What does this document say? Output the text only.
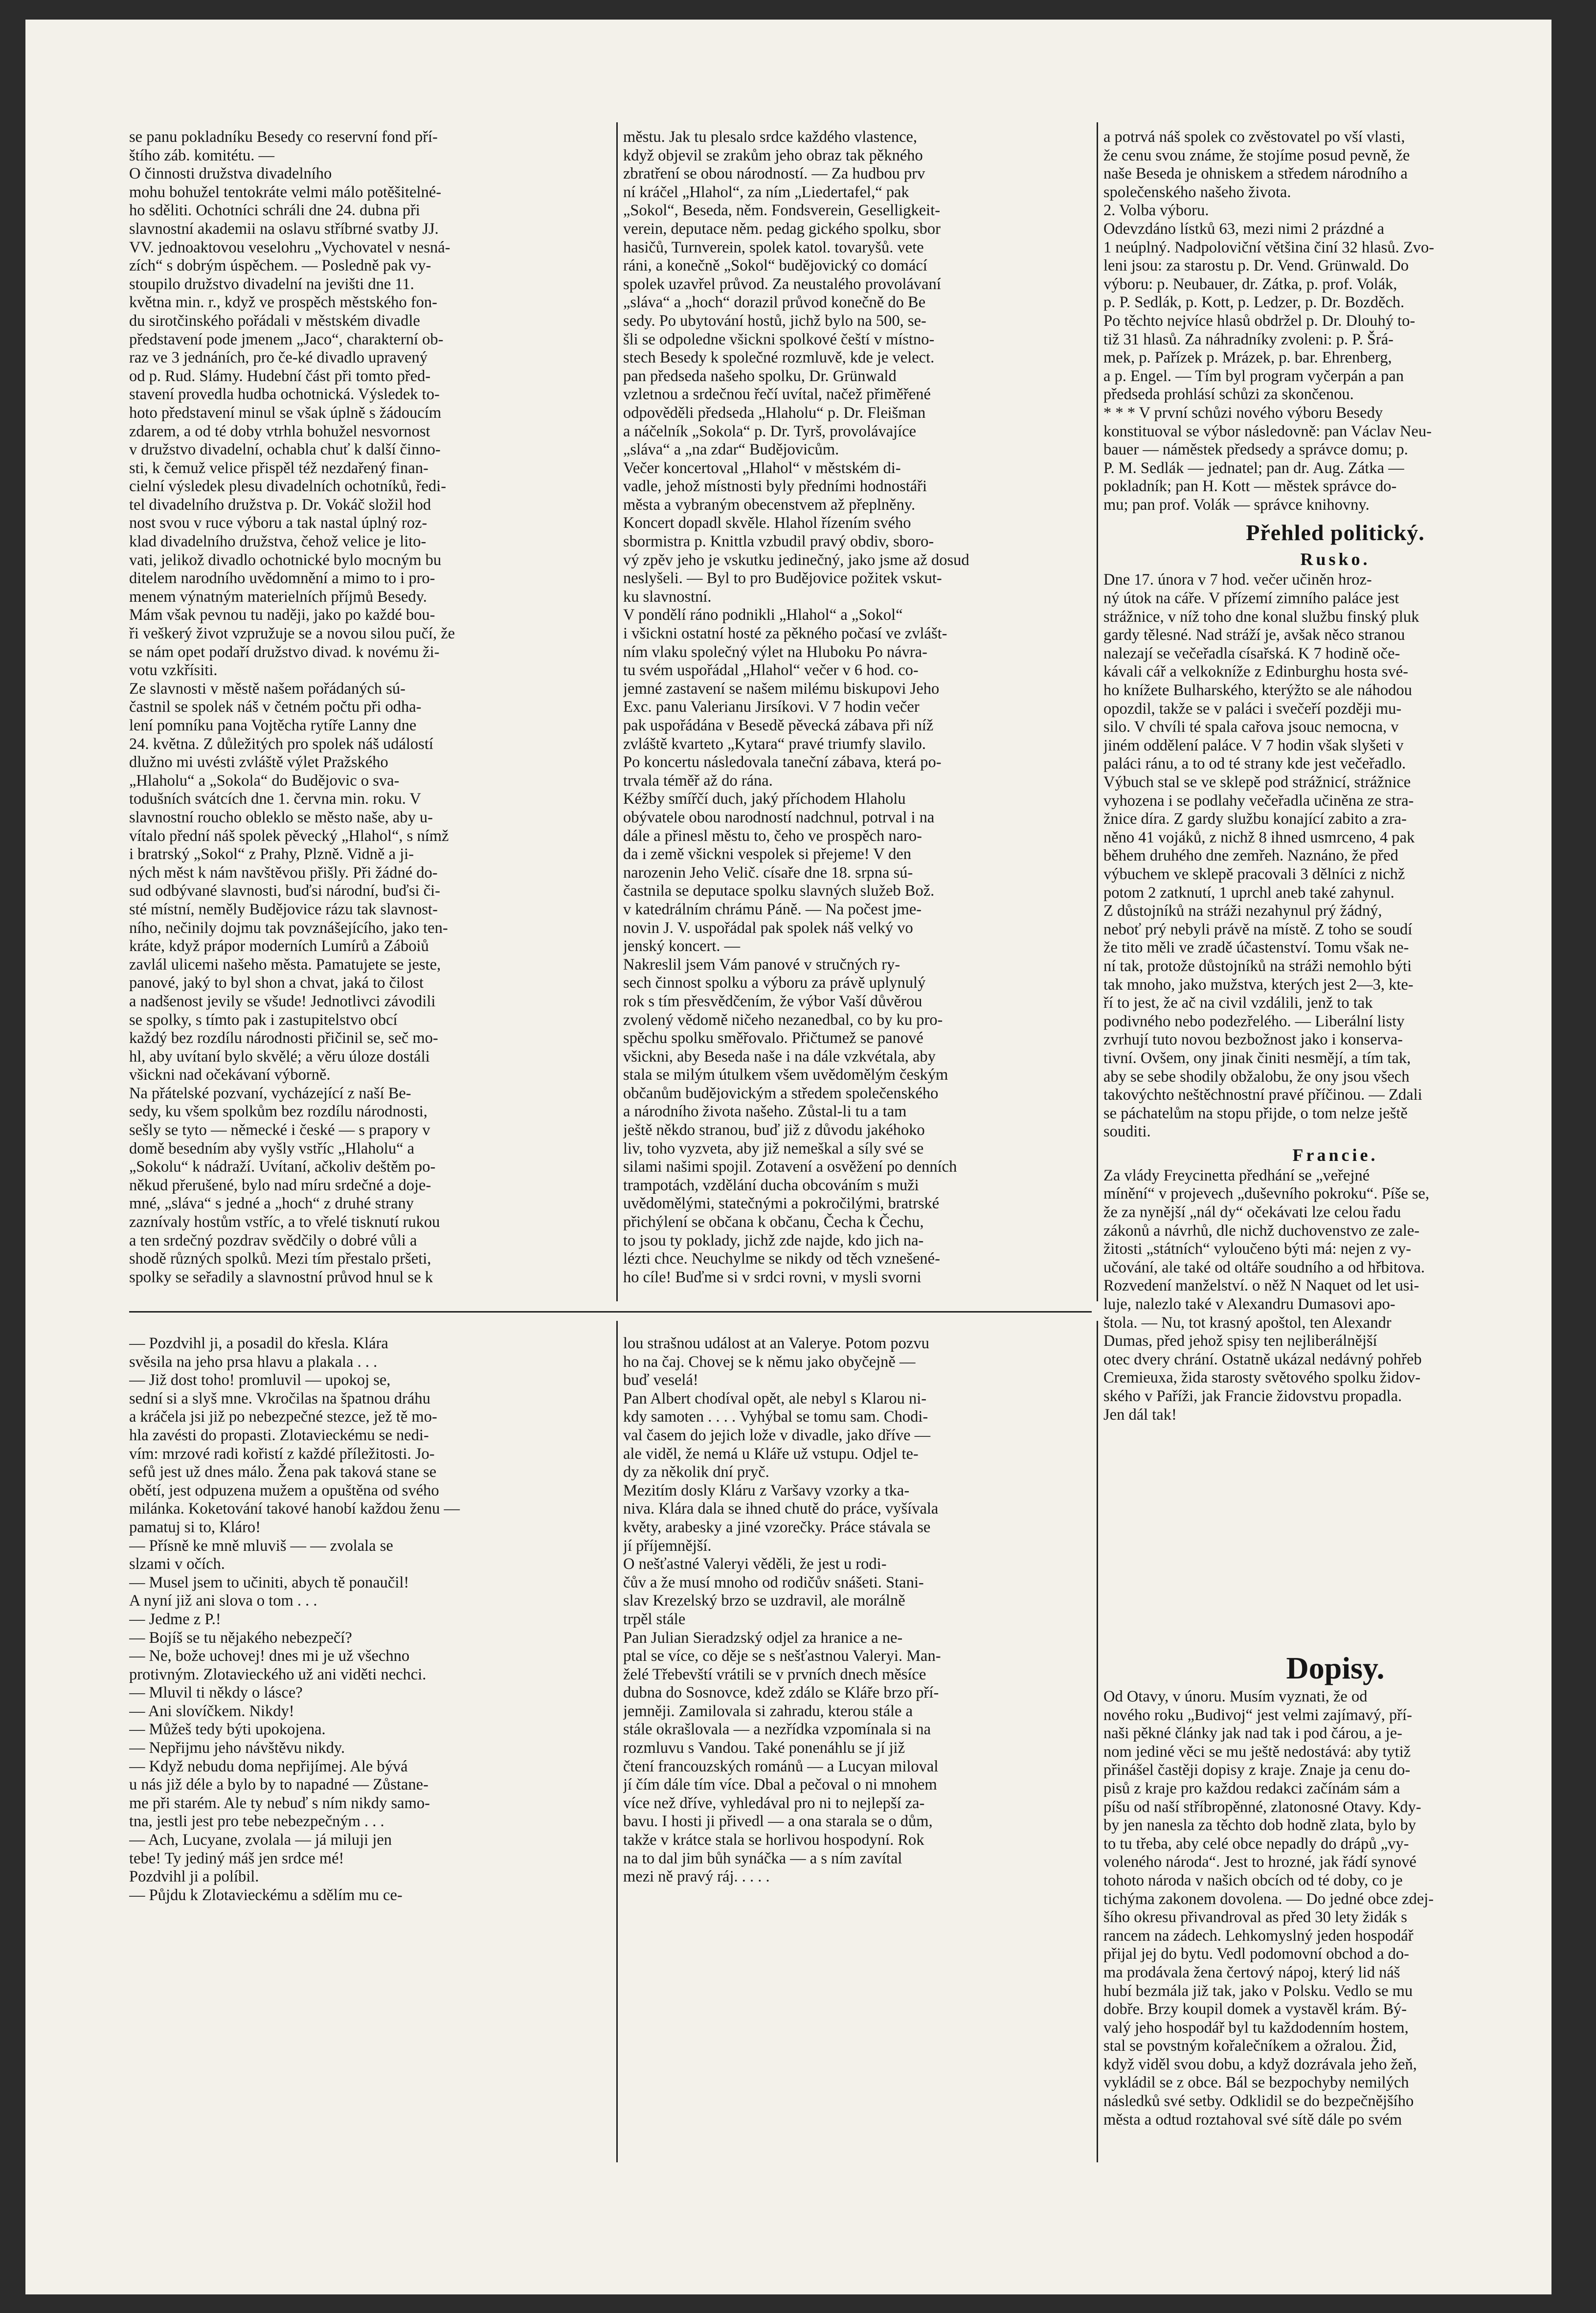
se panu pokladníku Besedy co reservní fond pří-
štího záb. komitétu. —
O činnosti družstva divadelního
mohu bohužel tentokráte velmi málo potěšitelné-
ho sděliti. Ochotníci schráli dne 24. dubna při
slavnostní akademii na oslavu stříbrné svatby JJ.
VV. jednoaktovou veselohru „Vychovatel v nesná-
zích“ s dobrým úspěchem. — Posledně pak vy-
stoupilo družstvo divadelní na jevišti dne 11.
května min. r., když ve prospěch městského fon-
du sirotčinského pořádali v městském divadle
představení pode jmenem „Jaco“, charakterní ob-
raz ve 3 jednáních, pro če-ké divadlo upravený
od p. Rud. Slámy. Hudební část při tomto před-
stavení provedla hudba ochotnická. Výsledek to-
hoto představení minul se však úplně s žádoucím
zdarem, a od té doby vtrhla bohužel nesvornost
v družstvo divadelní, ochabla chuť k další činno-
sti, k čemuž velice přispěl též nezdařený finan-
cielní výsledek plesu divadelních ochotníků, ředi-
tel divadelního družstva p. Dr. Vokáč složil hod
nost svou v ruce výboru a tak nastal úplný roz-
klad divadelního družstva, čehož velice je lito-
vati, jelikož divadlo ochotnické bylo mocným bu
ditelem narodního uvědomnění a mimo to i pro-
menem výnatným materielních příjmů Besedy.
Mám však pevnou tu naději, jako po každé bou-
ři veškerý život vzpružuje se a novou silou pučí, že
se nám opet podaří družstvo divad. k novému ži-
votu vzkřísiti.
Ze slavnosti v městě našem pořádaných sú-
častnil se spolek náš v četném počtu při odha-
lení pomníku pana Vojtěcha rytíře Lanny dne
24. května. Z důležitých pro spolek náš událostí
dlužno mi uvésti zvláště výlet Pražského
„Hlaholu“ a „Sokola“ do Budějovic o sva-
todušních svátcích dne 1. června min. roku. V
slavnostní roucho obleklo se město naše, aby u-
vítalo přední náš spolek pěvecký „Hlahol“, s nímž
i bratrský „Sokol“ z Prahy, Plzně. Vidně a ji-
ných měst k nám navštěvou přišly. Při žádné do-
sud odbývané slavnosti, buďsi národní, buďsi či-
sté místní, neměly Budějovice rázu tak slavnost-
ního, nečinily dojmu tak povznášejícího, jako ten-
kráte, když prápor moderních Lumírů a Záboiů
zavlál ulicemi našeho města. Pamatujete se jeste,
panové, jaký to byl shon a chvat, jaká to čilost
a nadšenost jevily se všude! Jednotlivci závodili
se spolky, s tímto pak i zastupitelstvo obcí
každý bez rozdílu národnosti přičinil se, seč mo-
hl, aby uvítaní bylo skvělé; a věru úloze dostáli
všickni nad očekávaní výborně.
Na přátelské pozvaní, vycházející z naší Be-
sedy, ku všem spolkům bez rozdílu národnosti,
sešly se tyto — německé i české — s prapory v
domě besedním aby vyšly vstříc „Hlaholu“ a
„Sokolu“ k nádraží. Uvítaní, ačkoliv deštěm po-
někud přerušené, bylo nad míru srdečné a doje-
mné, „sláva“ s jedné a „hoch“ z druhé strany
zaznívaly hostům vstříc, a to vřelé tisknutí rukou
a ten srdečný pozdrav svědčily o dobré vůli a
shodě různých spolků. Mezi tím přestalo pršeti,
spolky se seřadily a slavnostní průvod hnul se k
městu. Jak tu plesalo srdce každého vlastence,
když objevil se zrakům jeho obraz tak pěkného
zbratření se obou národností. — Za hudbou prv
ní kráčel „Hlahol“, za ním „Liedertafel,“ pak
„Sokol“, Beseda, něm. Fondsverein, Geselligkeit-
verein, deputace něm. pedag gického spolku, sbor
hasičů, Turnverein, spolek katol. tovaryšů. vete
ráni, a konečně „Sokol“ budějovický co domácí
spolek uzavřel průvod. Za neustalého provolávaní
„sláva“ a „hoch“ dorazil průvod konečně do Be
sedy. Po ubytování hostů, jichž bylo na 500, se-
šli se odpoledne všickni spolkové čeští v místno-
stech Besedy k společné rozmluvě, kde je velect.
pan předseda našeho spolku, Dr. Grünwald
vzletnou a srdečnou řečí uvítal, načež přiměřené
odpověděli předseda „Hlaholu“ p. Dr. Fleišman
a náčelník „Sokola“ p. Dr. Tyrš, provolávajíce
„sláva“ a „na zdar“ Budějovicům.
Večer koncertoval „Hlahol“ v městském di-
vadle, jehož místnosti byly předními hodnostáři
města a vybraným obecenstvem až přeplněny.
Koncert dopadl skvěle. Hlahol řízením svého
sbormistra p. Knittla vzbudil pravý obdiv, sborо-
vý zpěv jeho je vskutku jedinečný, jako jsme až dosud
neslyšeli. — Byl to pro Budějovice požitek vskut-
ku slavnostní.
V pondělí ráno podnikli „Hlahol“ a „Sokol“
i všickni ostatní hosté za pěkného počasí ve zvlášt-
ním vlaku společný výlet na Hluboku Po návra-
tu svém uspořádal „Hlahol“ večer v 6 hod. co-
jemné zastavení se našem milému biskupovi Jeho
Exc. panu Valerianu Jirsíkovi. V 7 hodin večer
pak uspořádána v Besedě pěvecká zábava při níž
zvláště kvarteto „Kytara“ pravé triumfy slavilo.
Po koncertu následovala taneční zábava, která po-
trvala téměř až do rána.
Kéžby smířčí duch, jaký příchodem Hlaholu
obývatele obou narodností nadchnul, potrval i na
dále a přinesl městu to, čeho ve prospěch naro-
da i země všickni vespolek si přejeme! V den
narozenin Jeho Velič. císaře dne 18. srpna sú-
častnila se deputace spolku slavných služeb Bož.
v katedrálním chrámu Páně. — Na počest jme-
novin J. V. uspořádal pak spolek náš velký vo
jenský koncert. —
Nakreslil jsem Vám panové v stručných ry-
sech činnost spolku a výboru za právě uplynulý
rok s tím přesvědčením, že výbor Vaší důvěrou
zvolený vědomě ničeho nezanedbal, co by ku pro-
spěchu spolku směřovalo. Přičtumež se panové
všickni, aby Beseda naše i na dále vzkvétala, aby
stala se milým útulkem všem uvědomělým českým
občanům budějovickým a středem společenského
a národního života našeho. Zůstal-li tu a tam
ještě někdo stranou, buď již z důvodu jakéhoko
liv, toho vyzveta, aby již nemeškal a síly své se
silami našimi spojil. Zotavení a osvěžení po denních
trampotách, vzdělání ducha obcováním s muži
uvědomělými, statečnými a pokročilými, bratrské
přichýlení se občana k občanu, Čecha k Čechu,
to jsou ty poklady, jichž zde najde, kdo jich na-
lézti chce. Neuchylme se nikdy od těch vznešené-
ho cíle! Buďme si v srdci rovni, v mysli svorni
a potrvá náš spolek co zvěstovatel po vší vlasti,
že cenu svou známe, že stojíme posud pevně, že
naše Beseda je ohniskem a středem národního a
společenského našeho života.
2. Volba výboru.
Odevzdáno lístků 63, mezi nimi 2 prázdné a
1 neúplný. Nadpoloviční většina činí 32 hlasů. Zvo-
leni jsou: za starostu p. Dr. Vend. Grünwald. Do
výboru: p. Neubauer, dr. Zátka, p. prof. Volák,
p. P. Sedlák, p. Kott, p. Ledzer, p. Dr. Bozděch.
Po těchto nejvíce hlasů obdržel p. Dr. Dlouhý to-
tiž 31 hlasů. Za náhradníky zvoleni: p. P. Šrá-
mek, p. Pařízek p. Mrázek, p. bar. Ehrenberg,
a p. Engel. — Tím byl program vyčerpán a pan
předseda prohlásí schůzi za skončenou.
* * * V první schůzi nového výboru Besedy
konstituoval se výbor následovně: pan Václav Neu-
bauer — náměstek předsedy a správce domu; p.
P. M. Sedlák — jednatel; pan dr. Aug. Zátka —
pokladník; pan H. Kott — městek správce do-
mu; pan prof. Volák — správce knihovny.
Přehled politický.
Rusko.
Dne 17. února v 7 hod. večer učiněn hroz-
ný útok na cáře. V přízemí zimního paláce jest
strážnice, v níž toho dne konal službu finský pluk
gardy tělesné. Nad stráží je, avšak něco stranou
nalezají se večeřadla císařská. K 7 hodině oče-
kávali cář a velkokníže z Edinburghu hosta své-
ho knížete Bulharského, kterýžto se ale náhodou
opozdil, takže se v paláci i svečeří později mu-
silo. V chvíli té spala cařova jsouc nemocna, v
jiném oddělení paláce. V 7 hodin však slyšeti v
paláci ránu, a to od té strany kde jest večeřadlo.
Výbuch stal se ve sklepě pod strážnicí, strážnice
vyhozena i se podlahy večeřadla učiněna ze stra-
žnice díra. Z gardy službu konající zabito a zra-
něno 41 vojáků, z nichž 8 ihned usmrceno, 4 pak
během druhého dne zemřeh. Naznáno, že před
výbuchem ve sklepě pracovali 3 dělníci z nichž
potom 2 zatknutí, 1 uprchl aneb také zahynul.
Z důstojníků na stráži nezahynul prý žádný,
neboť prý nebyli právě na místě. Z toho se soudí
že tito měli ve zradě účastenství. Tomu však ne-
ní tak, protože důstojníků na stráži nemohlo býti
tak mnoho, jako mužstva, kterých jest 2—3, kte-
ří to jest, že ač na civil vzdálili, jenž to tak
podivného nebo podezřelého. — Liberální listy
zvrhují tuto novou bezbožnost jako i konserva-
tivní. Ovšem, ony jinak činiti nesmějí, a tím tak,
aby se sebe shodily obžalobu, že ony jsou všech
takovýchto neštěchnostní pravé příčinou. — Zdali
se páchatelům na stopu přijde, o tom nelze ještě
souditi.
Francie.
Za vlády Freycinetta předhání se „veřejné
mínění“ v projevech „duševního pokroku“. Píše se,
že za nynější „nál dy“ očekávati lze celou řadu
zákonů a návrhů, dle nichž duchovenstvo ze zale-
žitosti „státních“ vyloučeno býti má: nejen z vy-
učování, ale také od oltáře soudního a od hřbitova.
Rozvedení manželství. o něž N Naquet od let usi-
luje, nalezlo také v Alexandru Dumasovi apo-
štola. — Nu, tot krasný apoštol, ten Alexandr
Dumas, před jehož spisy ten nejliberálnější
otec dvery chrání. Ostatně ukázal nedávný pohřeb
Cremieuxa, žida starosty světového spolku židov-
ského v Paříži, jak Francie židovstvu propadla.
Jen dál tak!
— Pozdvihl ji, a posadil do křesla. Klára
svěsila na jeho prsa hlavu a plakala . . .
— Již dost toho! promluvil — upokoj se,
sední si a slyš mne. Vkročilas na špatnou dráhu
a kráčela jsi již po nebezpečné stezce, jež tě mo-
hla zavésti do propasti. Zlotavieckému se nedi-
vím: mrzové radi kořistí z každé příležitosti. Jo-
sefů jest už dnes málo. Žena pak taková stane se
obětí, jest odpuzena mužem a opuštěna od svého
milánka. Koketování takové hanobí každou ženu —
pamatuj si to, Kláro!
— Přísně ke mně mluviš — — zvolala se
slzami v očích.
— Musel jsem to učiniti, abych tě ponaučil!
A nyní již ani slova o tom . . .
— Jedme z P.!
— Bojíš se tu nějakého nebezpečí?
— Ne, bože uchovej! dnes mi je už všechno
protivným. Zlotavieckého už ani viděti nechci.
— Mluvil ti někdy o lásce?
— Ani slovíčkem. Nikdy!
— Můžeš tedy býti upokojena.
— Nepřijmu jeho návštěvu nikdy.
— Když nebudu doma nepřijímej. Ale bývá
u nás již déle a bylo by to napadné — Zůstane-
me při starém. Ale ty nebuď s ním nikdy samo-
tna, jestli jest pro tebe nebezpečným . . .
— Ach, Lucyane, zvolala — já miluji jen
tebe! Ty jediný máš jen srdce mé!
Pozdvihl ji a políbil.
— Půjdu k Zlotavieckému a sdělím mu ce-
lou strašnou událost at an Valerye. Potom pozvu
ho na čaj. Chovej se k němu jako obyčejně —
buď veselá!
Pan Albert chodíval opět, ale nebyl s Klarou ni-
kdy samoten . . . . Vyhýbal se tomu sam. Chodi-
val časem do jejich lože v divadle, jako dříve —
ale viděl, že nemá u Kláře už vstupu. Odjel te-
dy za několik dní pryč.
Mezitím dosly Kláru z Varšavy vzorky a tka-
niva. Klára dala se ihned chutě do práce, vyšívala
květy, arabesky a jiné vzorečky. Práce stávala se
jí příjemnější.
O nešťastné Valeryi věděli, že jest u rodi-
čův a že musí mnoho od rodičův snášeti. Stani-
slav Krezelský brzo se uzdravil, ale morálně
trpěl stále
Pan Julian Sieradzský odjel za hranice a ne-
ptal se více, co děje se s nešťastnou Valeryi. Man-
želé Třebevští vrátili se v prvních dnech měsíce
dubna do Sosnovce, kdež zdálo se Kláře brzo pří-
jemněji. Zamilovala si zahradu, kterou stále a
stále okrašlovala — a nezřídka vzpomínala si na
rozmluvu s Vandou. Také ponenáhlu se jí již
čtení francouzských románů — a Lucyan miloval
jí čím dále tím více. Dbal a pečoval o ni mnohem
více než dříve, vyhledával pro ni to nejlepší za-
bavu. I hosti ji přivedl — a ona starala se o dům,
takže v krátce stala se horlivou hospodyní. Rok
na to dal jim bůh synáčka — a s ním zavítal
mezi ně pravý ráj. . . . .
Dopisy.
Od Otavy, v únoru. Musím vyznati, že od
nového roku „Budivoj“ jest velmi zajímavý, pří-
naši pěkné články jak nad tak i pod čárou, a je-
nom jediné věci se mu ještě nedostává: aby tytiž
přinášel častěji dopisy z kraje. Znaje ja cenu do-
pisů z kraje pro každou redakci začínám sám a
píšu od naší stříbropěnné, zlatonosné Otavy. Kdy-
by jen nanesla za těchto dob hodně zlata, bylo by
to tu třeba, aby celé obce nepadly do drápů „vy-
voleného národa“. Jest to hrozné, jak řádí synové
tohoto národa v našich obcích od té doby, co je
tichýma zakonem dovolena. — Do jedné obce zdej-
šího okresu přivandroval as před 30 lety židák s
rancem na zádech. Lehkomyslný jeden hospodář
přijal jej do bytu. Vedl podomovní obchod a do-
ma prodávala žena čertový nápoj, který lid náš
hubí bezmála již tak, jako v Polsku. Vedlo se mu
dobře. Brzy koupil domek a vystavěl krám. Bý-
valý jeho hospodář byl tu každodenním hostem,
stal se povstným kořalečníkem a ožralou. Žid,
když viděl svou dobu, a když dozrávala jeho žeň,
vykládil se z obce. Bál se bezpochyby nemilých
následků své setby. Odklidil se do bezpečnějšího
města a odtud roztahoval své sítě dále po svém
